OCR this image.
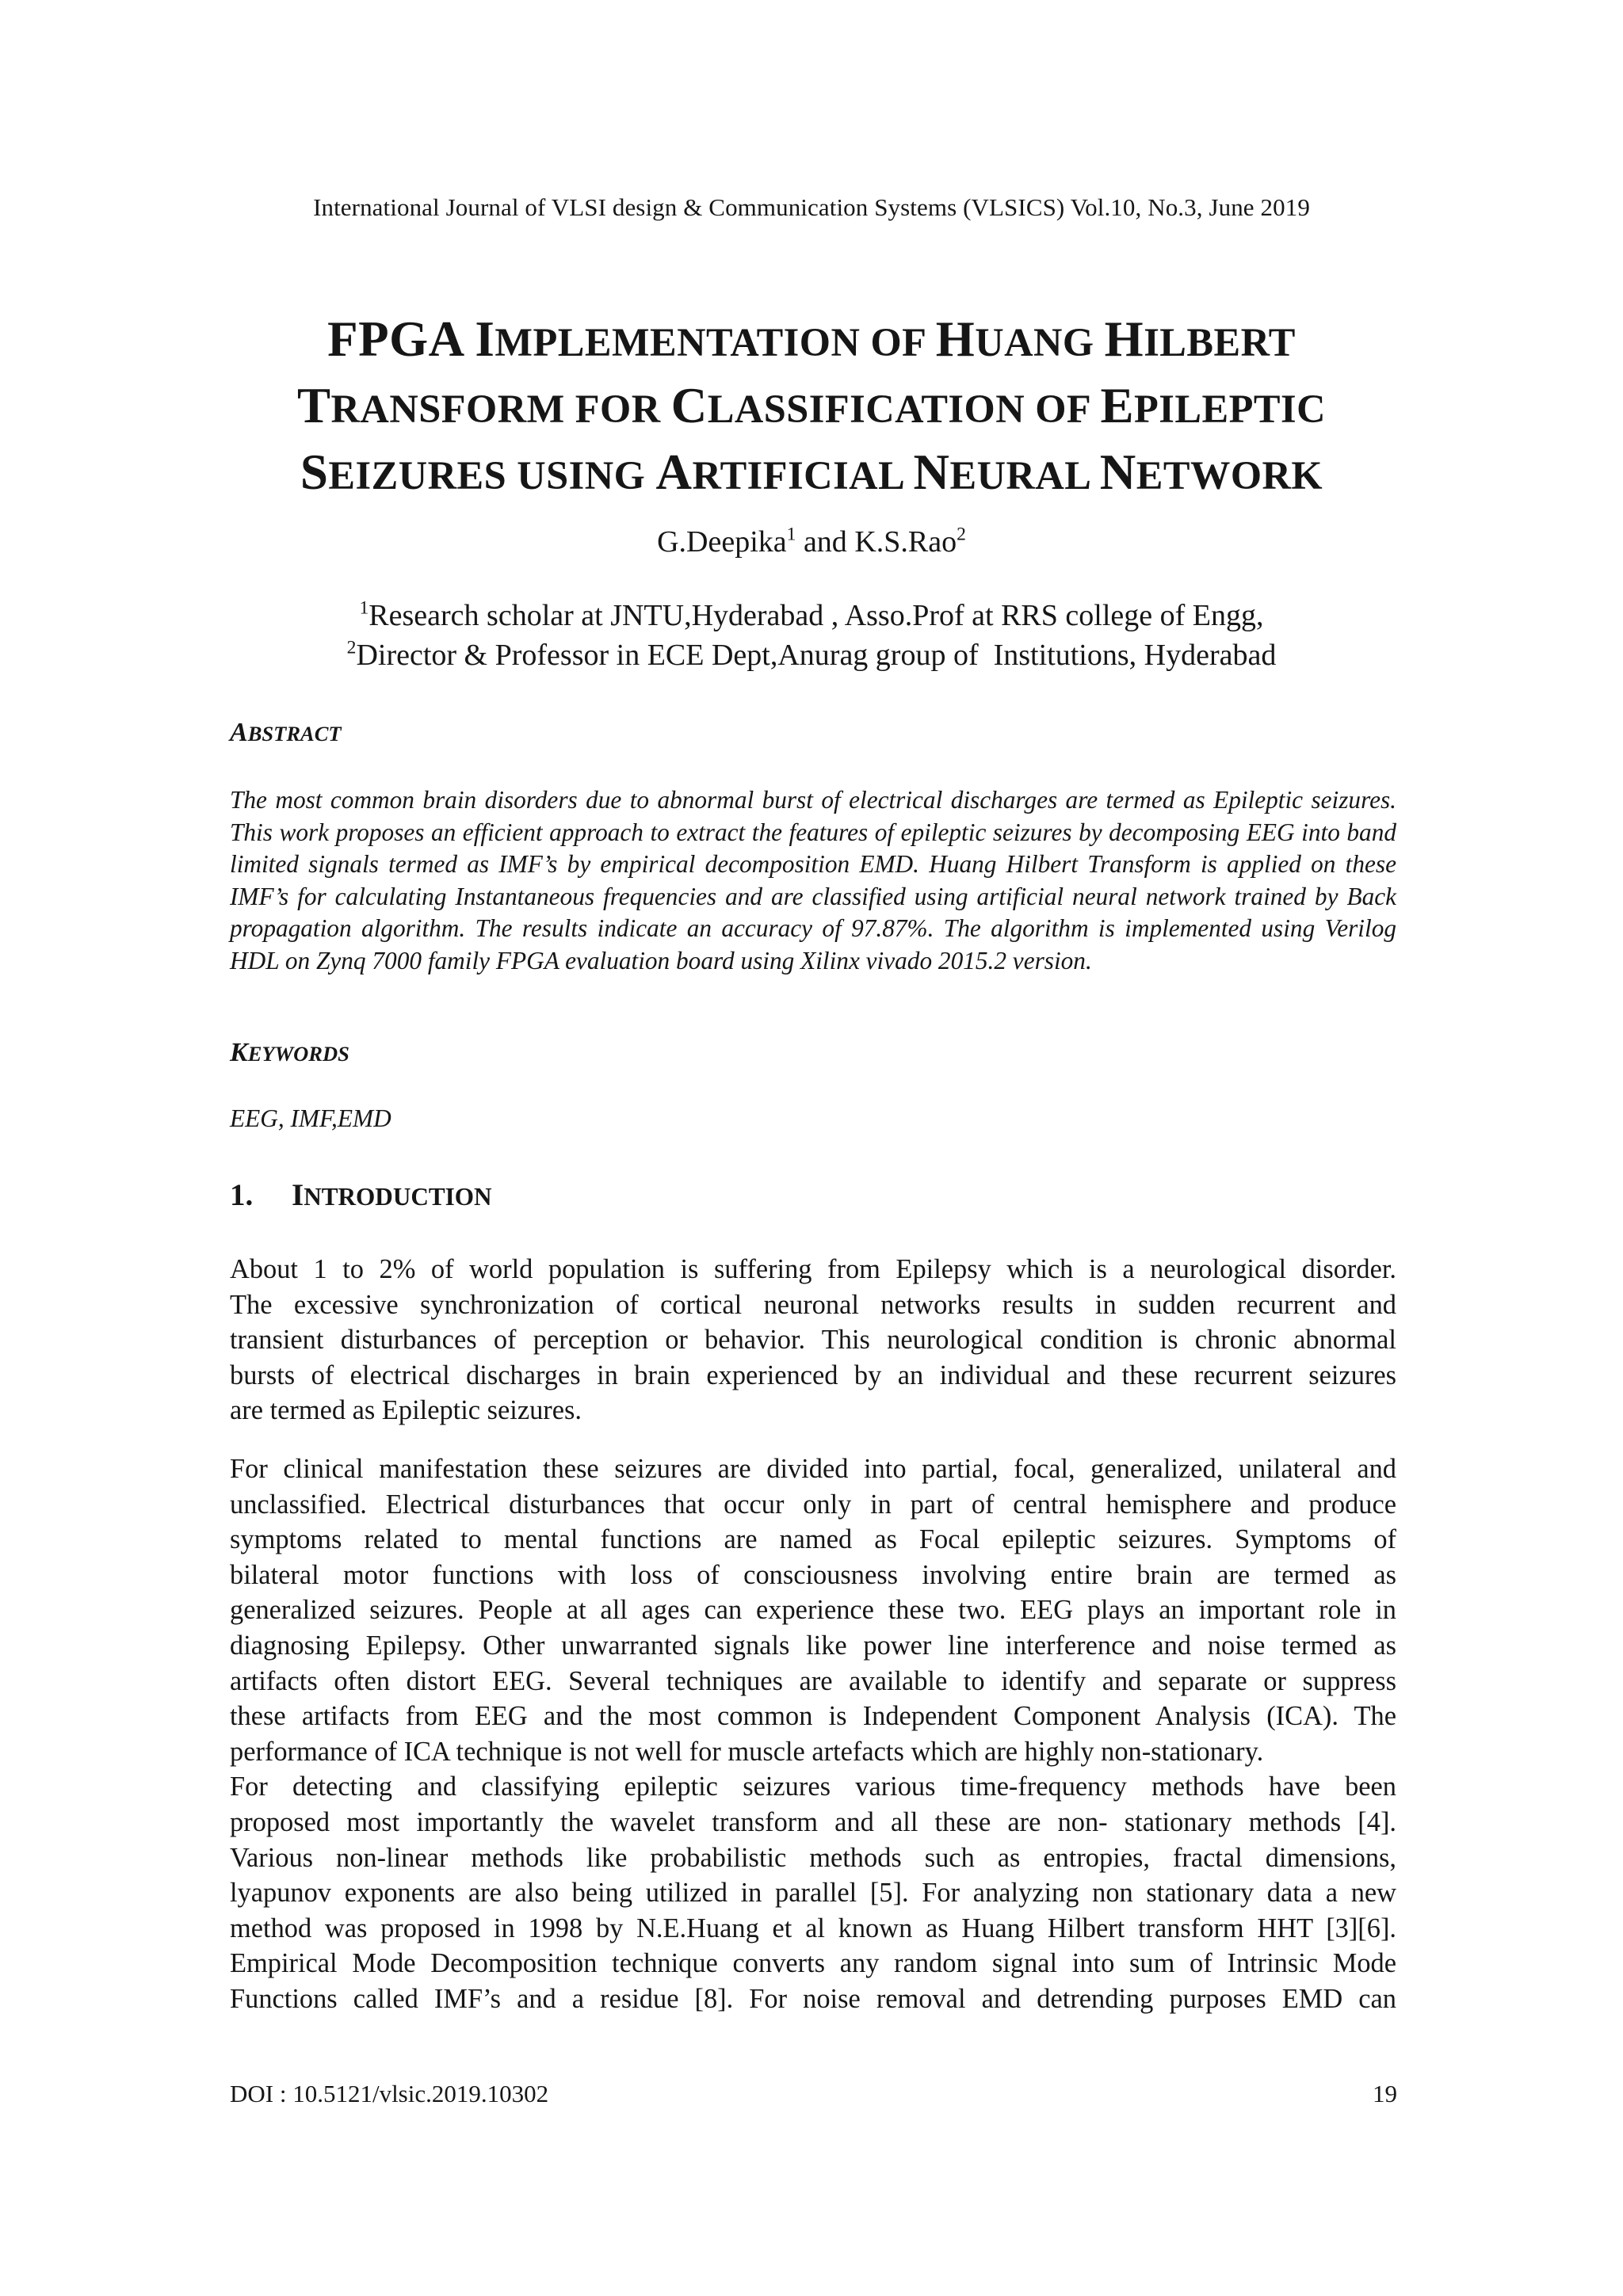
International Journal of VLSI design & Communication Systems (VLSICS) Vol.10, No.3, June 2019
FPGA IMPLEMENTATION OF HUANG HILBERT
TRANSFORM FOR CLASSIFICATION OF EPILEPTIC
SEIZURES USING ARTIFICIAL NEURAL NETWORK
G.Deepika$^1$ and K.S.Rao$^2$
$^1$Research scholar at JNTU,Hyderabad , Asso.Prof at RRS college of Engg,
$^2$Director & Professor in ECE Dept,Anurag group of  Institutions, Hyderabad
ABSTRACT
The most common brain disorders due to abnormal burst of electrical discharges are termed as Epileptic seizures. This work proposes an efficient approach to extract the features of epileptic seizures by decomposing EEG into band limited signals termed as IMF’s by empirical decomposition EMD. Huang Hilbert Transform is applied on these IMF’s for calculating Instantaneous frequencies and are classified using artificial neural network trained by Back propagation algorithm. The results indicate an accuracy of 97.87%. The algorithm is implemented using Verilog HDL on Zynq 7000 family FPGA evaluation board using Xilinx vivado 2015.2 version.
KEYWORDS
EEG, IMF,EMD
1. INTRODUCTION
About 1 to 2% of world population is suffering from Epilepsy which is a neurological disorder.
The excessive synchronization of cortical neuronal networks results in sudden recurrent and
transient disturbances of perception or behavior. This neurological condition is chronic abnormal
bursts of electrical discharges in brain experienced by an individual and these recurrent seizures
are termed as Epileptic seizures.
For clinical manifestation these seizures are divided into partial, focal, generalized, unilateral and
unclassified. Electrical disturbances that occur only in part of central hemisphere and produce
symptoms related to mental functions are named as Focal epileptic seizures. Symptoms of
bilateral motor functions with loss of consciousness involving entire brain are termed as
generalized seizures. People at all ages can experience these two. EEG plays an important role in
diagnosing Epilepsy. Other unwarranted signals like power line interference and noise termed as
artifacts often distort EEG. Several techniques are available to identify and separate or suppress
these artifacts from EEG and the most common is Independent Component Analysis (ICA). The
performance of ICA technique is not well for muscle artefacts which are highly non-stationary.
For detecting and classifying epileptic seizures various time-frequency methods have been
proposed most importantly the wavelet transform and all these are non- stationary methods [4].
Various non-linear methods like probabilistic methods such as entropies, fractal dimensions,
lyapunov exponents are also being utilized in parallel [5]. For analyzing non stationary data a new
method was proposed in 1998 by N.E.Huang et al known as Huang Hilbert transform HHT [3][6].
Empirical Mode Decomposition technique converts any random signal into sum of Intrinsic Mode
Functions called IMF’s and a residue [8]. For noise removal and detrending purposes EMD can
DOI : 10.5121/vlsic.2019.10302	19
